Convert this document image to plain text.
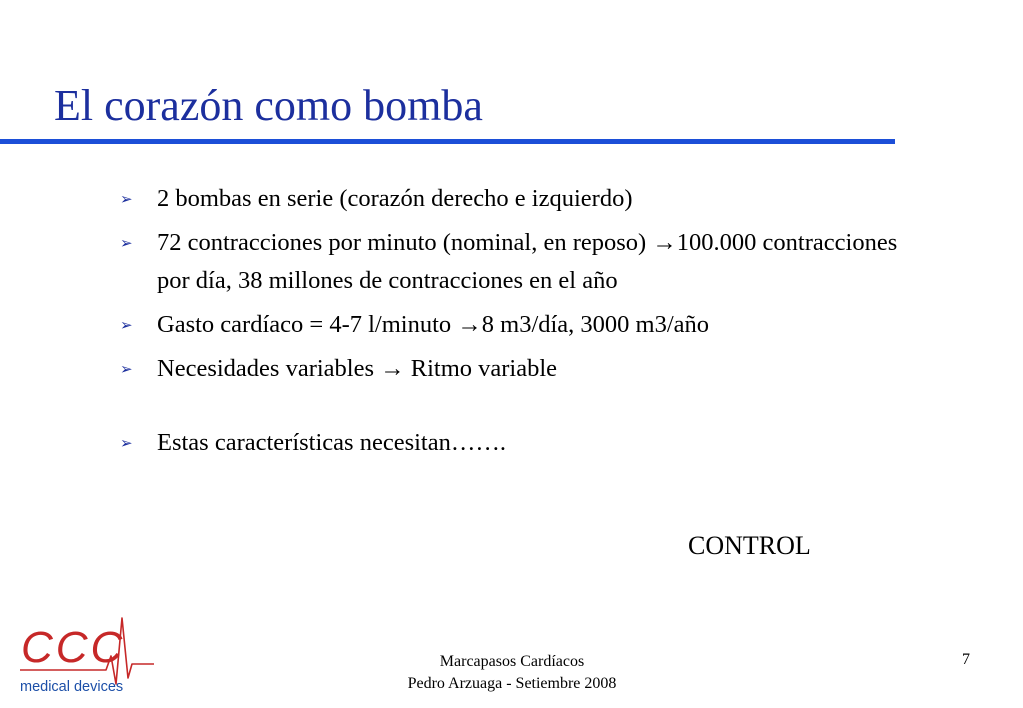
El corazón como bomba
➢ 2 bombas en serie (corazón derecho e izquierdo)
➢ 72 contracciones por minuto (nominal, en reposo) →100.000 contracciones por día, 38 millones de contracciones en el año
➢ Gasto cardíaco = 4-7 l/minuto →8 m3/día, 3000 m3/año
➢ Necesidades variables → Ritmo variable
➢ Estas características necesitan…….
CONTROL
CCC
medical devices
Marcapasos Cardíacos
Pedro Arzuaga - Setiembre 2008
7
